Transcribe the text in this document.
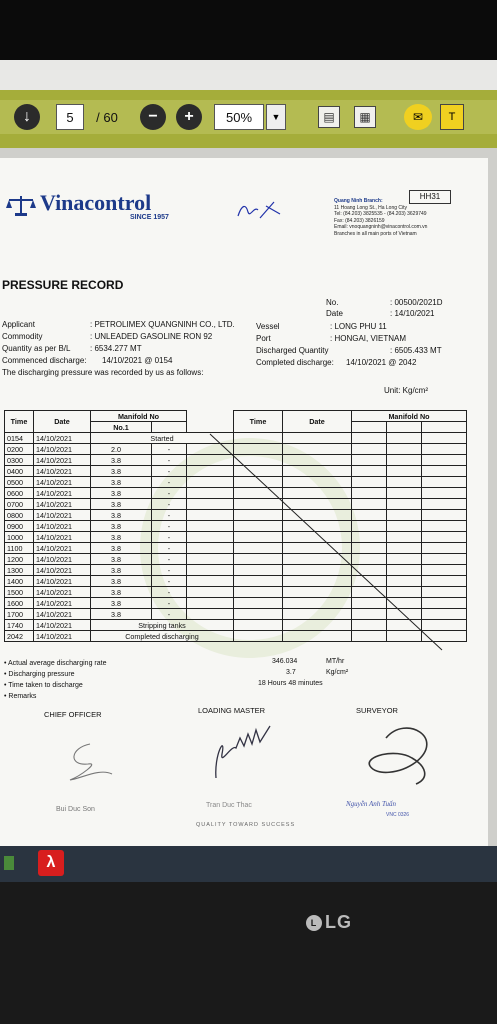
↓	5	/ 60	−	+	50%	▼	▤	▦	✉	T
Vinacontrol
SINCE 1957
Quang Ninh Branch:
11 Hoang Long St., Ha Long City
Tel: (84.203) 3825535 - (84.203) 3629749
Fax: (84.203) 3826159
Email: vnoquangninh@vinacontrol.com.vn
Branches in all main ports of Vietnam
HH31
PRESSURE RECORD
No.	: 00500/2021D
Date	: 14/10/2021
Applicant	: PETROLIMEX QUANGNINH CO., LTD.
Commodity	: UNLEADED GASOLINE RON 92
Quantity as per B/L : 6534.277 MT
Commenced discharge: 14/10/2021 @ 0154
The discharging pressure was recorded by us as follows:
Vessel	: LONG PHU 11
Port	: HONGAI, VIETNAM
Discharged Quantity	: 6505.433 MT
Completed discharge: 14/10/2021 @ 2042
Unit: Kg/cm²
Time	Date	Manifold No			Time	Date	Manifold No		
		No.1							
0154	14/10/2021	Started							
0200	14/10/2021	2.0	-						
0300	14/10/2021	3.8	-						
0400	14/10/2021	3.8	-						
0500	14/10/2021	3.8	-						
0600	14/10/2021	3.8	-						
0700	14/10/2021	3.8	-						
0800	14/10/2021	3.8	-						
0900	14/10/2021	3.8	-						
1000	14/10/2021	3.8	-						
1100	14/10/2021	3.8	-						
1200	14/10/2021	3.8	-						
1300	14/10/2021	3.8	-						
1400	14/10/2021	3.8	-						
1500	14/10/2021	3.8	-						
1600	14/10/2021	3.8	-						
1700	14/10/2021	3.8	-						
1740	14/10/2021	Stripping tanks							
2042	14/10/2021	Completed discharging							
• Actual average discharging rate	346.034	MT/hr
• Discharging pressure	3.7	Kg/cm²
• Time taken to discharge	18 Hours 48 minutes
• Remarks
CHIEF OFFICER	LOADING MASTER	SURVEYOR
Bui Duc Son
Tran Duc Thac	Nguyễn Anh Tuấn
VNC 0326
QUALITY TOWARD SUCCESS
λ
L LG
